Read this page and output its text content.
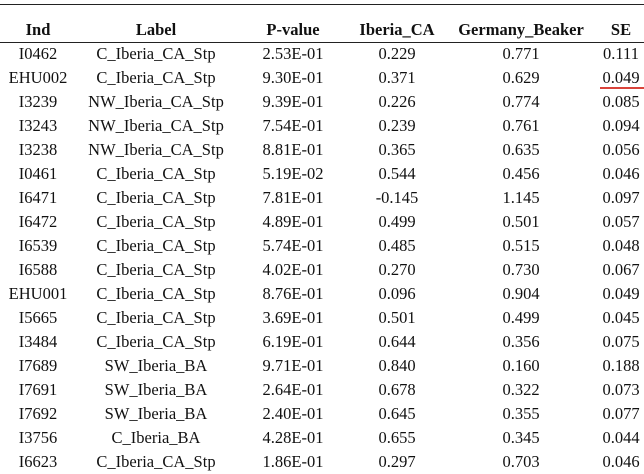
Ind	Label	P-value	Iberia_CA	Germany_Beaker	SE
I0462	C_Iberia_CA_Stp	2.53E-01	0.229	0.771	0.111
EHU002	C_Iberia_CA_Stp	9.30E-01	0.371	0.629	0.049

I3239	NW_Iberia_CA_Stp	9.39E-01	0.226	0.774	0.085
I3243	NW_Iberia_CA_Stp	7.54E-01	0.239	0.761	0.094
I3238	NW_Iberia_CA_Stp	8.81E-01	0.365	0.635	0.056
I0461	C_Iberia_CA_Stp	5.19E-02	0.544	0.456	0.046
I6471	C_Iberia_CA_Stp	7.81E-01	-0.145	1.145	0.097
I6472	C_Iberia_CA_Stp	4.89E-01	0.499	0.501	0.057
I6539	C_Iberia_CA_Stp	5.74E-01	0.485	0.515	0.048
I6588	C_Iberia_CA_Stp	4.02E-01	0.270	0.730	0.067
EHU001	C_Iberia_CA_Stp	8.76E-01	0.096	0.904	0.049
I5665	C_Iberia_CA_Stp	3.69E-01	0.501	0.499	0.045
I3484	C_Iberia_CA_Stp	6.19E-01	0.644	0.356	0.075
I7689	SW_Iberia_BA	9.71E-01	0.840	0.160	0.188
I7691	SW_Iberia_BA	2.64E-01	0.678	0.322	0.073
I7692	SW_Iberia_BA	2.40E-01	0.645	0.355	0.077
I3756	C_Iberia_BA	4.28E-01	0.655	0.345	0.044
I6623	C_Iberia_CA_Stp	1.86E-01	0.297	0.703	0.046
